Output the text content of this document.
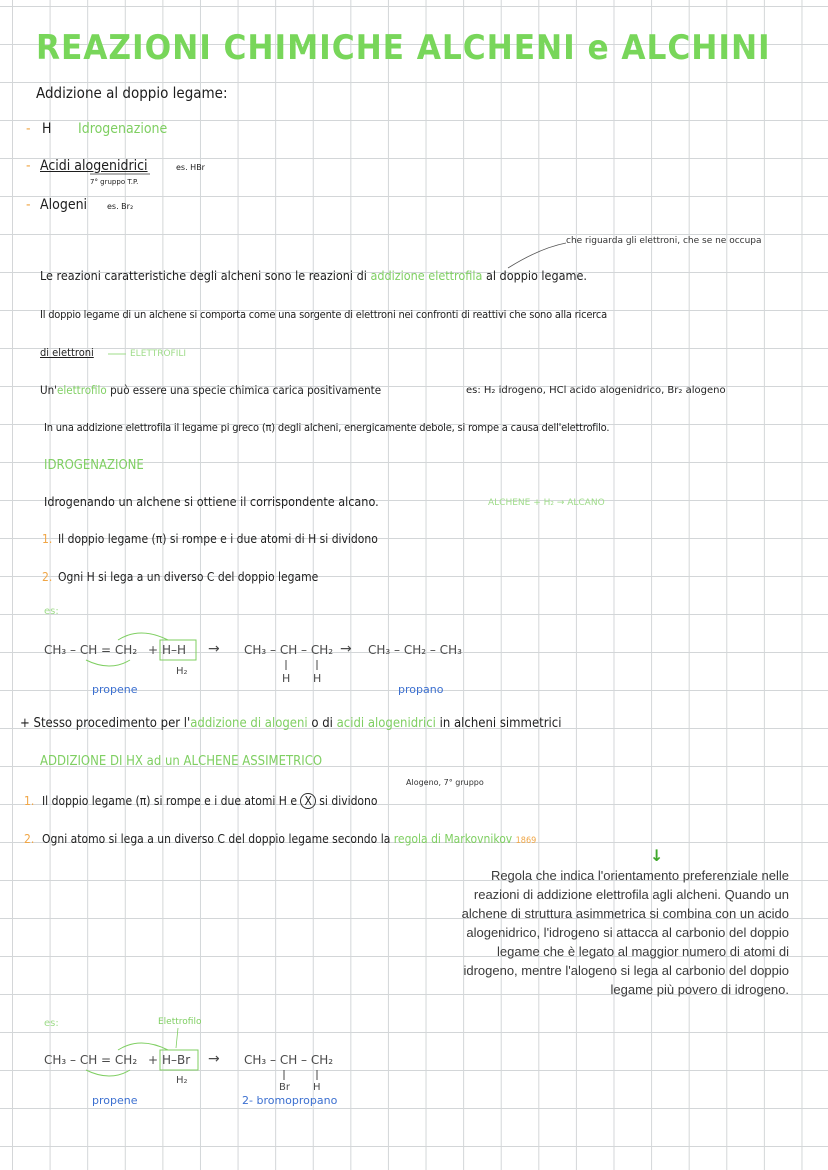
REAZIONI CHIMICHE ALCHENI e ALCHINI
Addizione al doppio legame:
- H Idrogenazione
- Acidi alogenidrici	es. HBr
7° gruppo T.P.
- Alogeni es. Br₂
che riguarda gli elettroni, che se ne occupa
Le reazioni caratteristiche degli alcheni sono le reazioni di addizione elettrofila al doppio legame.
Il doppio legame di un alchene si comporta come una sorgente di elettroni nei confronti di reattivi che sono alla ricerca
di elettroni	ELETTROFILI
Un'elettrofilo può essere una specie chimica carica positivamente	es: H₂ idrogeno, HCl acido alogenidrico, Br₂ alogeno
In una addizione elettrofila il legame pi greco (π) degli alcheni, energicamente debole, si rompe a causa dell'elettrofilo.
IDROGENAZIONE
Idrogenando un alchene si ottiene il corrispondente alcano.	ALCHENE + H₂ → ALCANO
1. Il doppio legame (π) si rompe e i due atomi di H si dividono
2. Ogni H si lega a un diverso C del doppio legame
es:
CH₃ – CH = CH₂ + H–H
H₂
→ CH₃ – CH – CH₂
H H
→ CH₃ – CH₂ – CH₃
propene	propano
+ Stesso procedimento per l'addizione di alogeni o di acidi alogenidrici in alcheni simmetrici
ADDIZIONE DI HX ad un ALCHENE ASSIMETRICO
Alogeno, 7° gruppo
1. Il doppio legame (π) si rompe e i due atomi H e X si dividono
2. Ogni atomo si lega a un diverso C del doppio legame secondo la regola di Markovnikov 1869
↓
Regola che indica l'orientamento preferenziale nelle reazioni di addizione elettrofila agli alcheni. Quando un alchene di struttura asimmetrica si combina con un acido alogenidrico, l'idrogeno si attacca al carbonio del doppio legame che è legato al maggior numero di atomi di idrogeno, mentre l'alogeno si lega al carbonio del doppio legame più povero di idrogeno.
es:	Elettrofilo
CH₃ – CH = CH₂ + H–Br
H₂
→ CH₃ – CH – CH₂
Br H
propene	2- bromopropano
